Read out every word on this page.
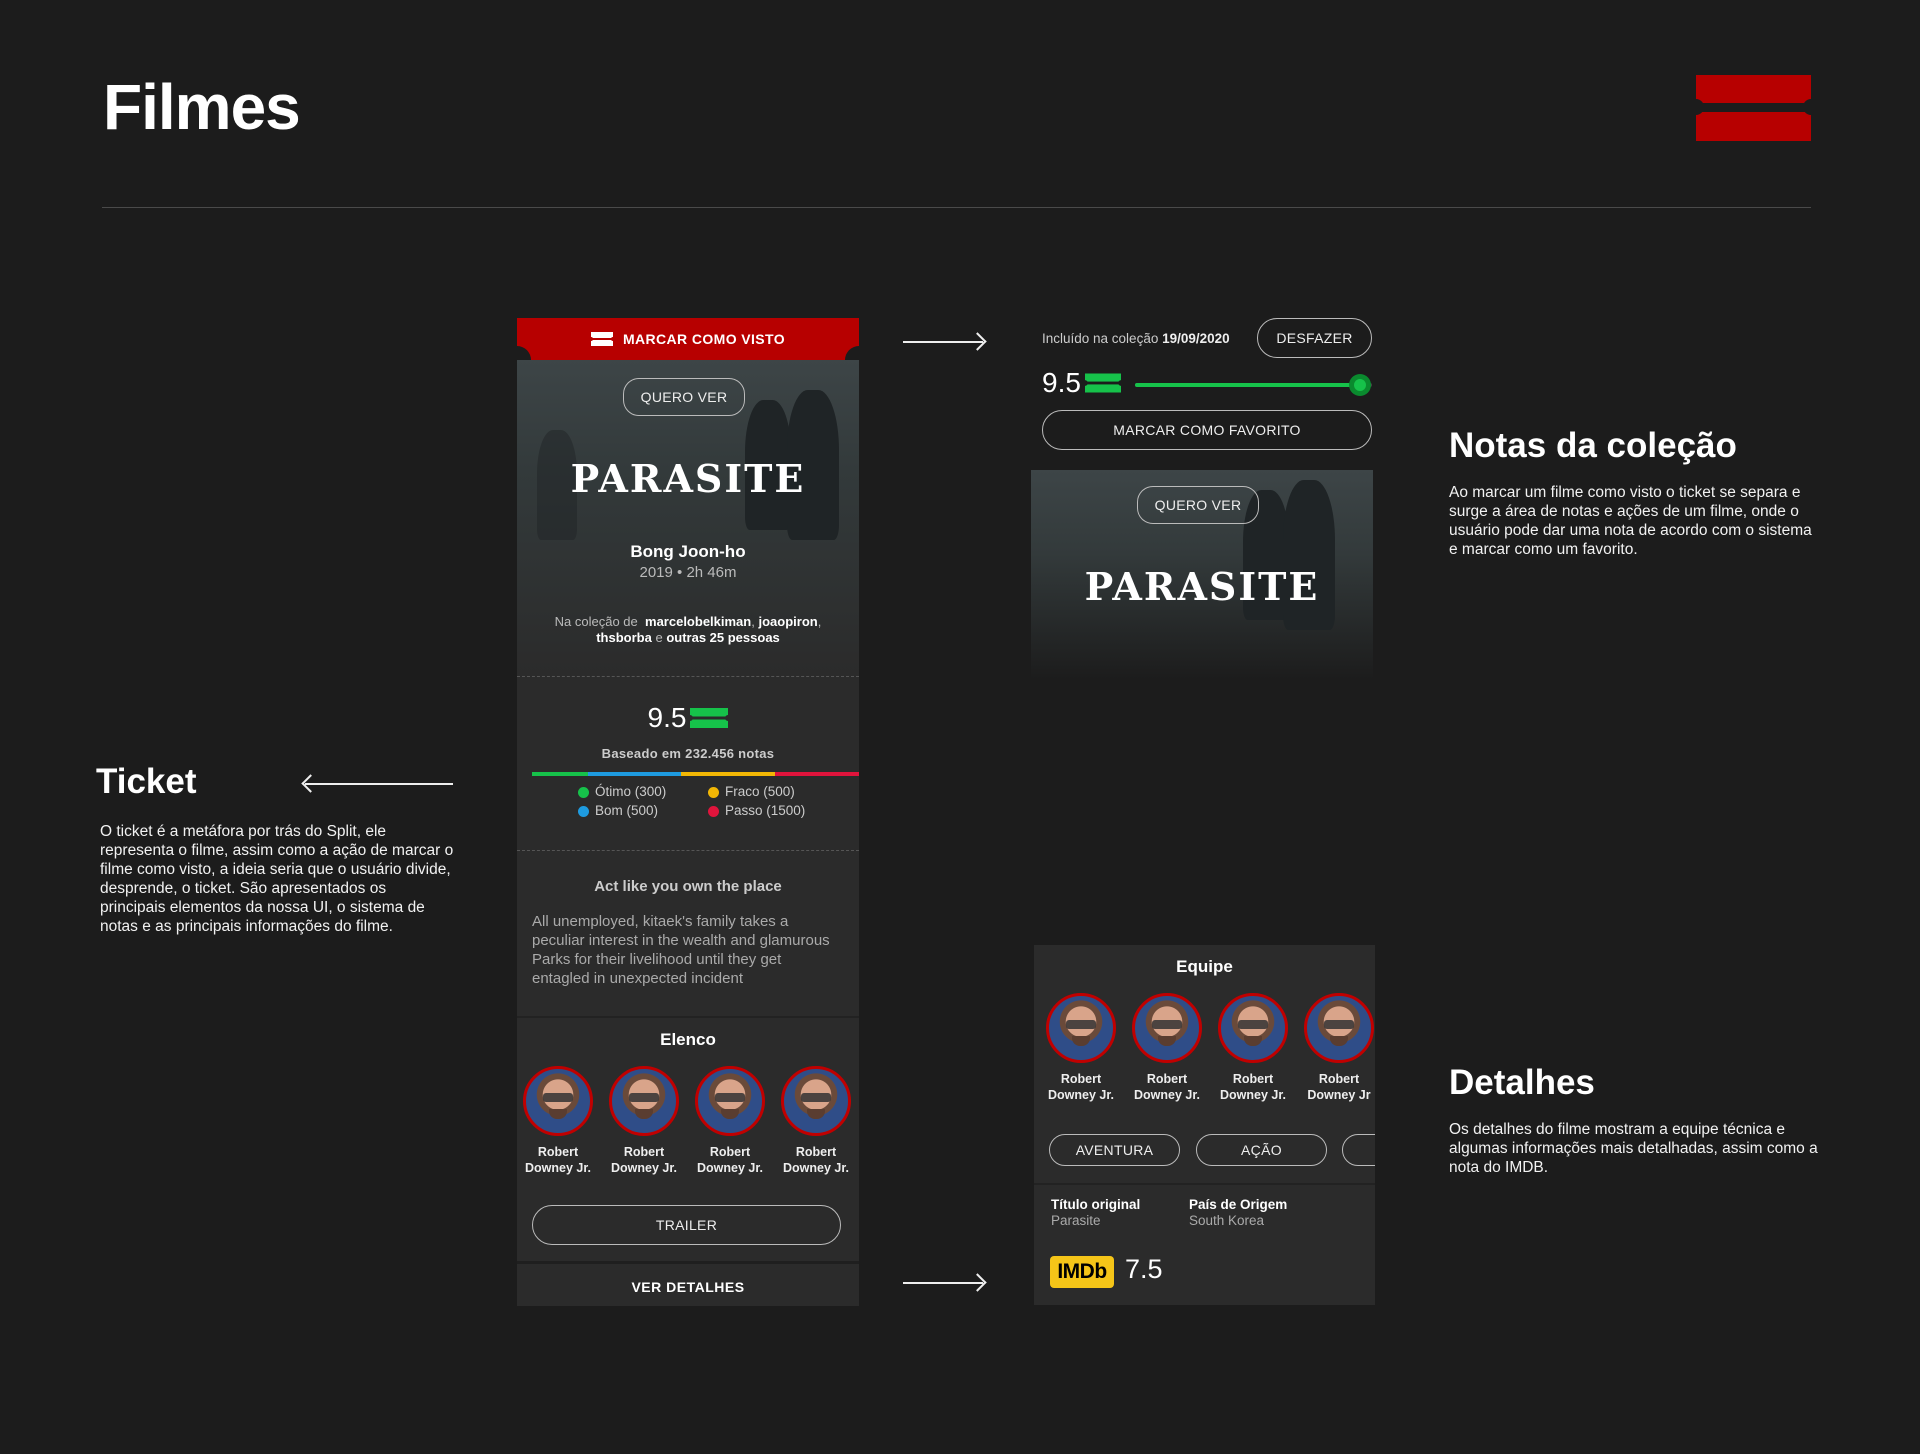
Filmes
Ticket
O ticket é a metáfora por trás do Split, ele representa o filme, assim como a ação de marcar o filme como visto, a ideia seria que o usuário divide, desprende, o ticket. São apresentados os principais elementos da nossa UI, o sistema de notas e as principais informações do filme.
Notas da coleção
Ao marcar um filme como visto o ticket se separa e surge a área de notas e ações de um filme, onde o usuário pode dar uma nota de acordo com o sistema e marcar como um favorito.
Detalhes
Os detalhes do filme mostram a equipe técnica e algumas informações mais detalhadas, assim como a nota do IMDB.
MARCAR COMO VISTO
QUERO VER
PARASITE
Bong Joon-ho
2019 • 2h 46m
Na coleção de marcelobelkiman, joaopiron,
thsborba e outras 25 pessoas
9.5
Baseado em 232.456 notas
Ótimo (300)	Fraco (500)
Bom (500)	Passo (1500)
Act like you own the place
All unemployed, kitaek's family takes a peculiar interest in the wealth and glamurous Parks for their livelihood until they get entagled in unexpected incident
Elenco
Robert
Downey Jr.
Robert
Downey Jr.
Robert
Downey Jr.
Robert
Downey Jr.
TRAILER
VER DETALHES
Incluído na coleção 19/09/2020	DESFAZER
9.5
MARCAR COMO FAVORITO
QUERO VER
PARASITE
Equipe
Robert
Downey Jr.
Robert
Downey Jr.
Robert
Downey Jr.
Robert
Downey Jr
AVENTURA	AÇÃO
Título original
Parasite
País de Origem
South Korea
IMDb 7.5
